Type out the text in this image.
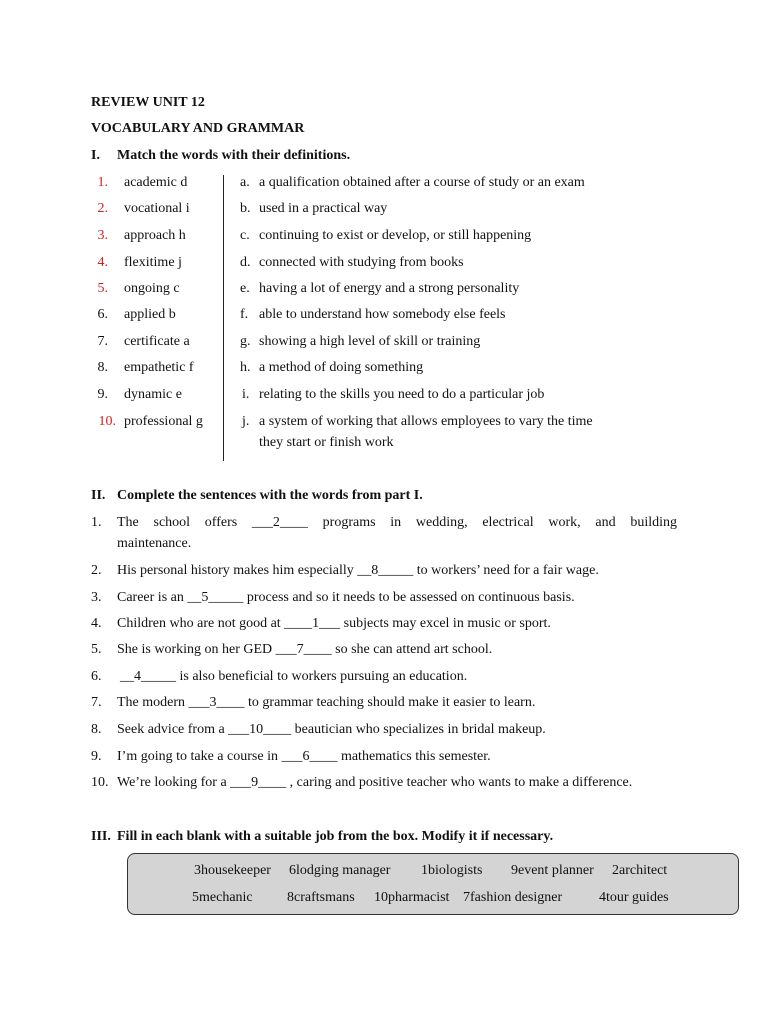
REVIEW UNIT 12
VOCABULARY AND GRAMMAR
I. Match the words with their definitions.
1. academic d
2. vocational i
3. approach h
4. flexitime j
5. ongoing c
6. applied b
7. certificate a
8. empathetic f
9. dynamic e
10. professional g
a. a qualification obtained after a course of study or an exam
b. used in a practical way
c. continuing to exist or develop, or still happening
d. connected with studying from books
e. having a lot of energy and a strong personality
f. able to understand how somebody else feels
g. showing a high level of skill or training
h. a method of doing something
i. relating to the skills you need to do a particular job
j. a system of working that allows employees to vary the time
they start or finish work
II. Complete the sentences with the words from part I.
1. The school offers ___2____ programs in wedding, electrical work, and building
maintenance.
2. His personal history makes him especially __8_____ to workers’ need for a fair wage.
3. Career is an __5_____ process and so it needs to be assessed on continuous basis.
4. Children who are not good at ____1___ subjects may excel in music or sport.
5. She is working on her GED ___7____ so she can attend art school.
6. __4_____ is also beneficial to workers pursuing an education.
7. The modern ___3____ to grammar teaching should make it easier to learn.
8. Seek advice from a ___10____ beautician who specializes in bridal makeup.
9. I’m going to take a course in ___6____ mathematics this semester.
10. We’re looking for a ___9____ , caring and positive teacher who wants to make a difference.
III. Fill in each blank with a suitable job from the box. Modify it if necessary.
3housekeeper 6lodging manager 1biologists 9event planner 2architect
5mechanic 8craftsmans 10pharmacist 7fashion designer	4tour guides
